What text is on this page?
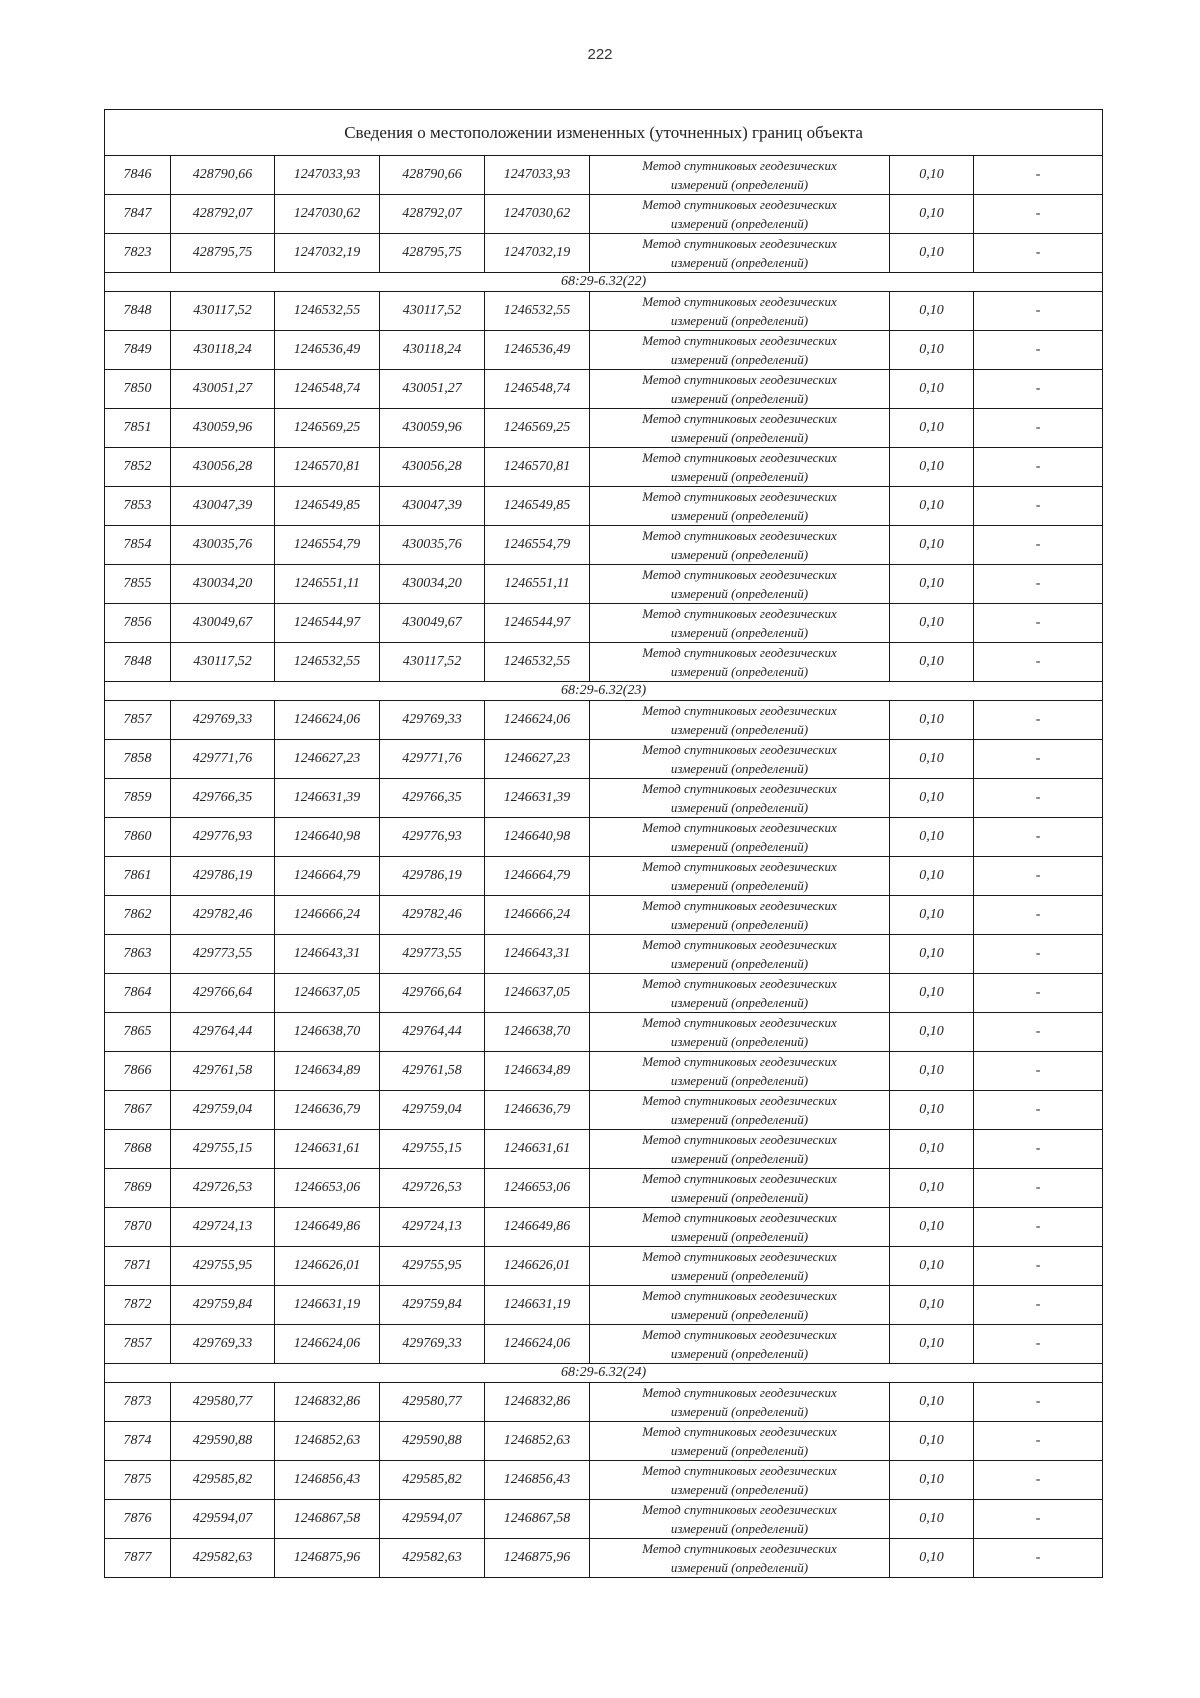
222
Сведения о местоположении измененных (уточненных) границ объекта							
7846	428790,66	1247033,93	428790,66	1247033,93	Метод спутниковых геодезических
измерений (определений)	0,10	-
7847	428792,07	1247030,62	428792,07	1247030,62	Метод спутниковых геодезических
измерений (определений)	0,10	-
7823	428795,75	1247032,19	428795,75	1247032,19	Метод спутниковых геодезических
измерений (определений)	0,10	-
68:29-6.32(22)							
7848	430117,52	1246532,55	430117,52	1246532,55	Метод спутниковых геодезических
измерений (определений)	0,10	-
7849	430118,24	1246536,49	430118,24	1246536,49	Метод спутниковых геодезических
измерений (определений)	0,10	-
7850	430051,27	1246548,74	430051,27	1246548,74	Метод спутниковых геодезических
измерений (определений)	0,10	-
7851	430059,96	1246569,25	430059,96	1246569,25	Метод спутниковых геодезических
измерений (определений)	0,10	-
7852	430056,28	1246570,81	430056,28	1246570,81	Метод спутниковых геодезических
измерений (определений)	0,10	-
7853	430047,39	1246549,85	430047,39	1246549,85	Метод спутниковых геодезических
измерений (определений)	0,10	-
7854	430035,76	1246554,79	430035,76	1246554,79	Метод спутниковых геодезических
измерений (определений)	0,10	-
7855	430034,20	1246551,11	430034,20	1246551,11	Метод спутниковых геодезических
измерений (определений)	0,10	-
7856	430049,67	1246544,97	430049,67	1246544,97	Метод спутниковых геодезических
измерений (определений)	0,10	-
7848	430117,52	1246532,55	430117,52	1246532,55	Метод спутниковых геодезических
измерений (определений)	0,10	-
68:29-6.32(23)							
7857	429769,33	1246624,06	429769,33	1246624,06	Метод спутниковых геодезических
измерений (определений)	0,10	-
7858	429771,76	1246627,23	429771,76	1246627,23	Метод спутниковых геодезических
измерений (определений)	0,10	-
7859	429766,35	1246631,39	429766,35	1246631,39	Метод спутниковых геодезических
измерений (определений)	0,10	-
7860	429776,93	1246640,98	429776,93	1246640,98	Метод спутниковых геодезических
измерений (определений)	0,10	-
7861	429786,19	1246664,79	429786,19	1246664,79	Метод спутниковых геодезических
измерений (определений)	0,10	-
7862	429782,46	1246666,24	429782,46	1246666,24	Метод спутниковых геодезических
измерений (определений)	0,10	-
7863	429773,55	1246643,31	429773,55	1246643,31	Метод спутниковых геодезических
измерений (определений)	0,10	-
7864	429766,64	1246637,05	429766,64	1246637,05	Метод спутниковых геодезических
измерений (определений)	0,10	-
7865	429764,44	1246638,70	429764,44	1246638,70	Метод спутниковых геодезических
измерений (определений)	0,10	-
7866	429761,58	1246634,89	429761,58	1246634,89	Метод спутниковых геодезических
измерений (определений)	0,10	-
7867	429759,04	1246636,79	429759,04	1246636,79	Метод спутниковых геодезических
измерений (определений)	0,10	-
7868	429755,15	1246631,61	429755,15	1246631,61	Метод спутниковых геодезических
измерений (определений)	0,10	-
7869	429726,53	1246653,06	429726,53	1246653,06	Метод спутниковых геодезических
измерений (определений)	0,10	-
7870	429724,13	1246649,86	429724,13	1246649,86	Метод спутниковых геодезических
измерений (определений)	0,10	-
7871	429755,95	1246626,01	429755,95	1246626,01	Метод спутниковых геодезических
измерений (определений)	0,10	-
7872	429759,84	1246631,19	429759,84	1246631,19	Метод спутниковых геодезических
измерений (определений)	0,10	-
7857	429769,33	1246624,06	429769,33	1246624,06	Метод спутниковых геодезических
измерений (определений)	0,10	-
68:29-6.32(24)							
7873	429580,77	1246832,86	429580,77	1246832,86	Метод спутниковых геодезических
измерений (определений)	0,10	-
7874	429590,88	1246852,63	429590,88	1246852,63	Метод спутниковых геодезических
измерений (определений)	0,10	-
7875	429585,82	1246856,43	429585,82	1246856,43	Метод спутниковых геодезических
измерений (определений)	0,10	-
7876	429594,07	1246867,58	429594,07	1246867,58	Метод спутниковых геодезических
измерений (определений)	0,10	-
7877	429582,63	1246875,96	429582,63	1246875,96	Метод спутниковых геодезических
измерений (определений)	0,10	-
